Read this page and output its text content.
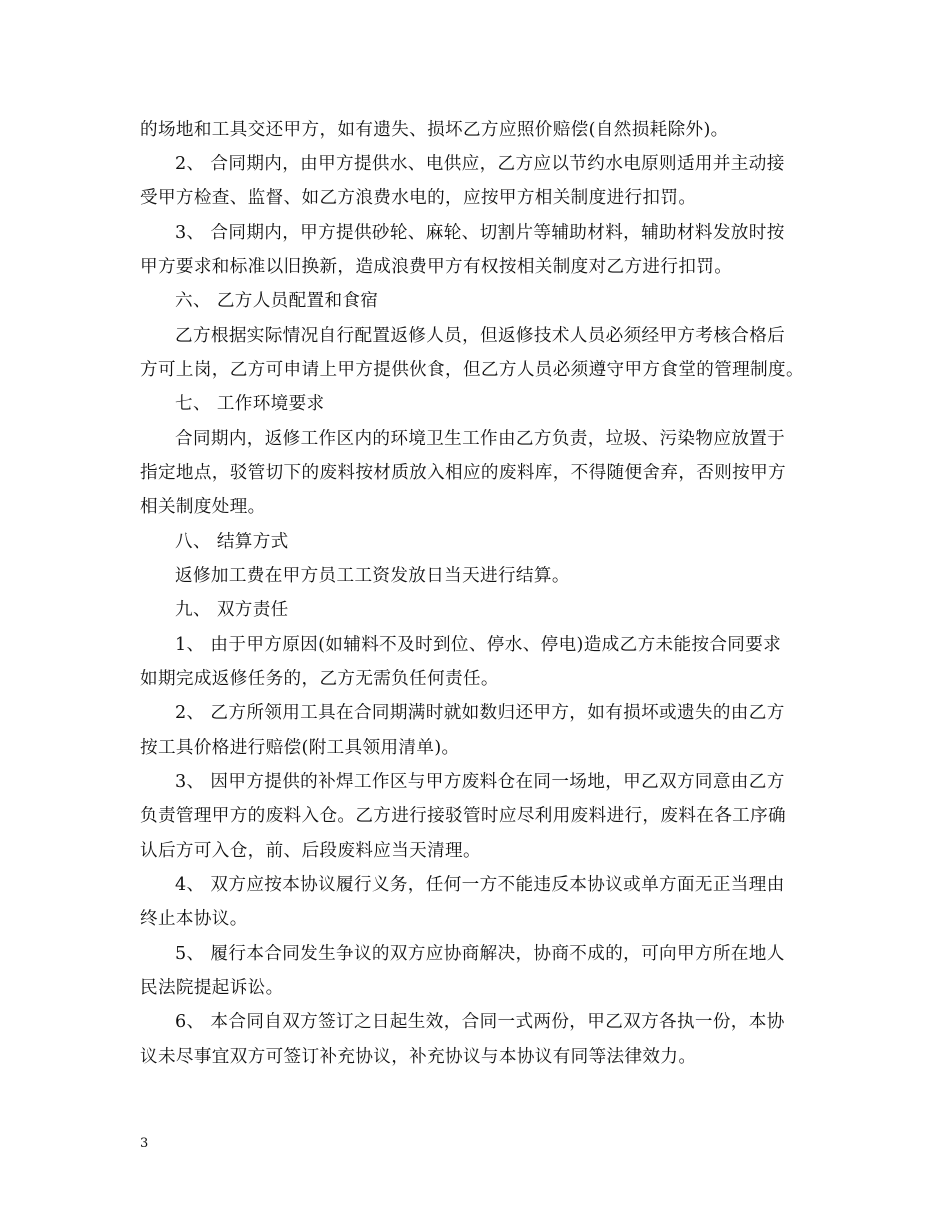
的场地和工具交还甲方，如有遗失、损坏乙方应照价赔偿(自然损耗除外)。
2、 合同期内，由甲方提供水、电供应，乙方应以节约水电原则适用并主动接
受甲方检查、监督、如乙方浪费水电的，应按甲方相关制度进行扣罚。
3、 合同期内，甲方提供砂轮、麻轮、切割片等辅助材料，辅助材料发放时按
甲方要求和标准以旧换新，造成浪费甲方有权按相关制度对乙方进行扣罚。
六、 乙方人员配置和食宿
乙方根据实际情况自行配置返修人员，但返修技术人员必须经甲方考核合格后
方可上岗，乙方可申请上甲方提供伙食，但乙方人员必须遵守甲方食堂的管理制度。
七、 工作环境要求
合同期内，返修工作区内的环境卫生工作由乙方负责，垃圾、污染物应放置于
指定地点，驳管切下的废料按材质放入相应的废料库，不得随便舍弃，否则按甲方
相关制度处理。
八、 结算方式
返修加工费在甲方员工工资发放日当天进行结算。
九、 双方责任
1、 由于甲方原因(如辅料不及时到位、停水、停电)造成乙方未能按合同要求
如期完成返修任务的，乙方无需负任何责任。
2、 乙方所领用工具在合同期满时就如数归还甲方，如有损坏或遗失的由乙方
按工具价格进行赔偿(附工具领用清单)。
3、 因甲方提供的补焊工作区与甲方废料仓在同一场地，甲乙双方同意由乙方
负责管理甲方的废料入仓。乙方进行接驳管时应尽利用废料进行，废料在各工序确
认后方可入仓，前、后段废料应当天清理。
4、 双方应按本协议履行义务，任何一方不能违反本协议或单方面无正当理由
终止本协议。
5、 履行本合同发生争议的双方应协商解决，协商不成的，可向甲方所在地人
民法院提起诉讼。
6、 本合同自双方签订之日起生效，合同一式两份，甲乙双方各执一份，本协
议未尽事宜双方可签订补充协议，补充协议与本协议有同等法律效力。
3
